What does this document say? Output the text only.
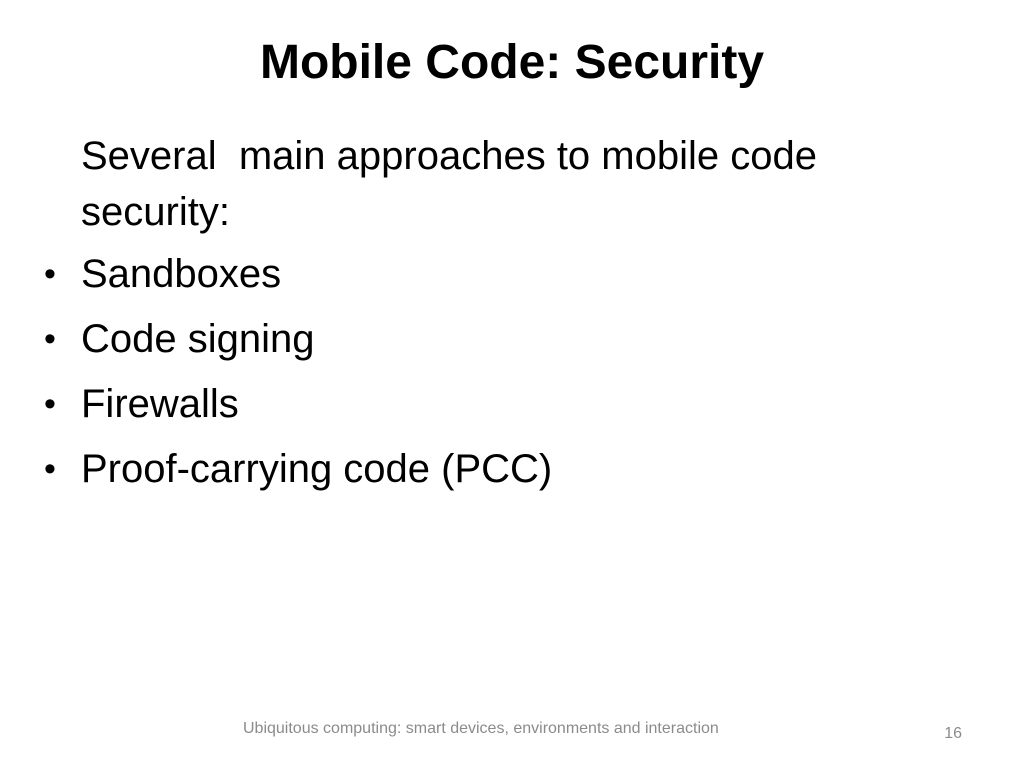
Mobile Code: Security
Several  main approaches to mobile code security:
• Sandboxes
• Code signing
• Firewalls
• Proof-carrying code (PCC)
Ubiquitous computing: smart devices, environments and interaction	16
